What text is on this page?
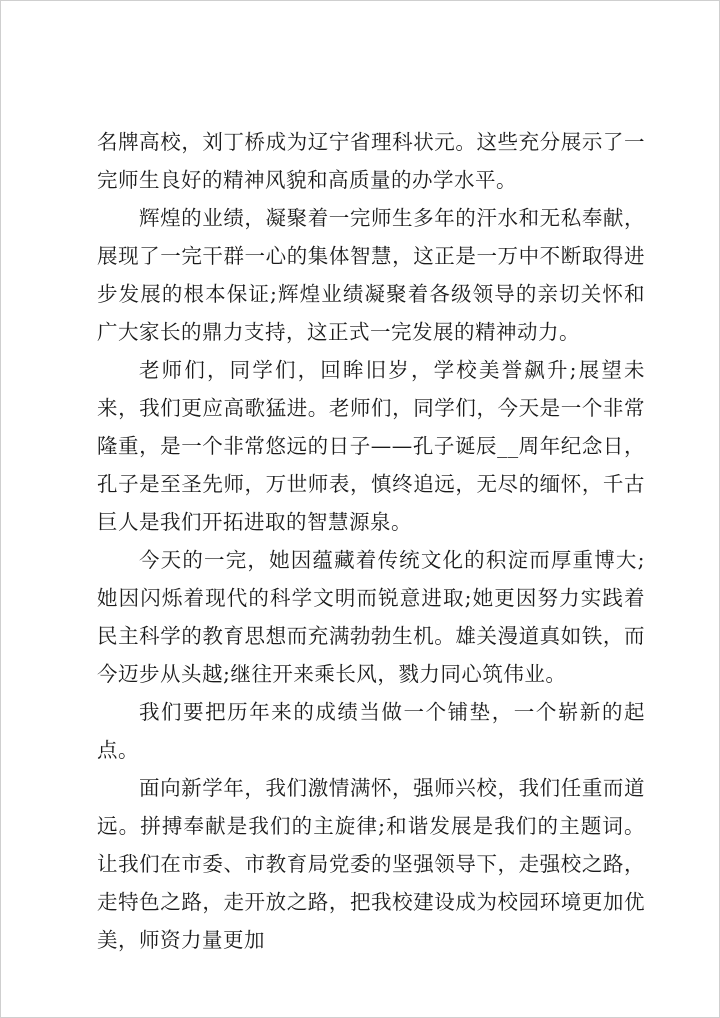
名牌高校，刘丁桥成为辽宁省理科状元。这些充分展示了一完师生良好的精神风貌和高质量的办学水平。

辉煌的业绩，凝聚着一完师生多年的汗水和无私奉献，展现了一完干群一心的集体智慧，这正是一万中不断取得进步发展的根本保证;辉煌业绩凝聚着各级领导的亲切关怀和广大家长的鼎力支持，这正式一完发展的精神动力。

老师们，同学们，回眸旧岁，学校美誉飙升;展望未来，我们更应高歌猛进。老师们，同学们，今天是一个非常隆重，是一个非常悠远的日子——孔子诞辰__周年纪念日，孔子是至圣先师，万世师表，慎终追远，无尽的缅怀，千古巨人是我们开拓进取的智慧源泉。

今天的一完，她因蕴藏着传统文化的积淀而厚重博大;她因闪烁着现代的科学文明而锐意进取;她更因努力实践着民主科学的教育思想而充满勃勃生机。雄关漫道真如铁，而今迈步从头越;继往开来乘长风，戮力同心筑伟业。

我们要把历年来的成绩当做一个铺垫，一个崭新的起点。

面向新学年，我们激情满怀，强师兴校，我们任重而道远。拼搏奉献是我们的主旋律;和谐发展是我们的主题词。让我们在市委、市教育局党委的坚强领导下，走强校之路，走特色之路，走开放之路，把我校建设成为校园环境更加优美，师资力量更加
